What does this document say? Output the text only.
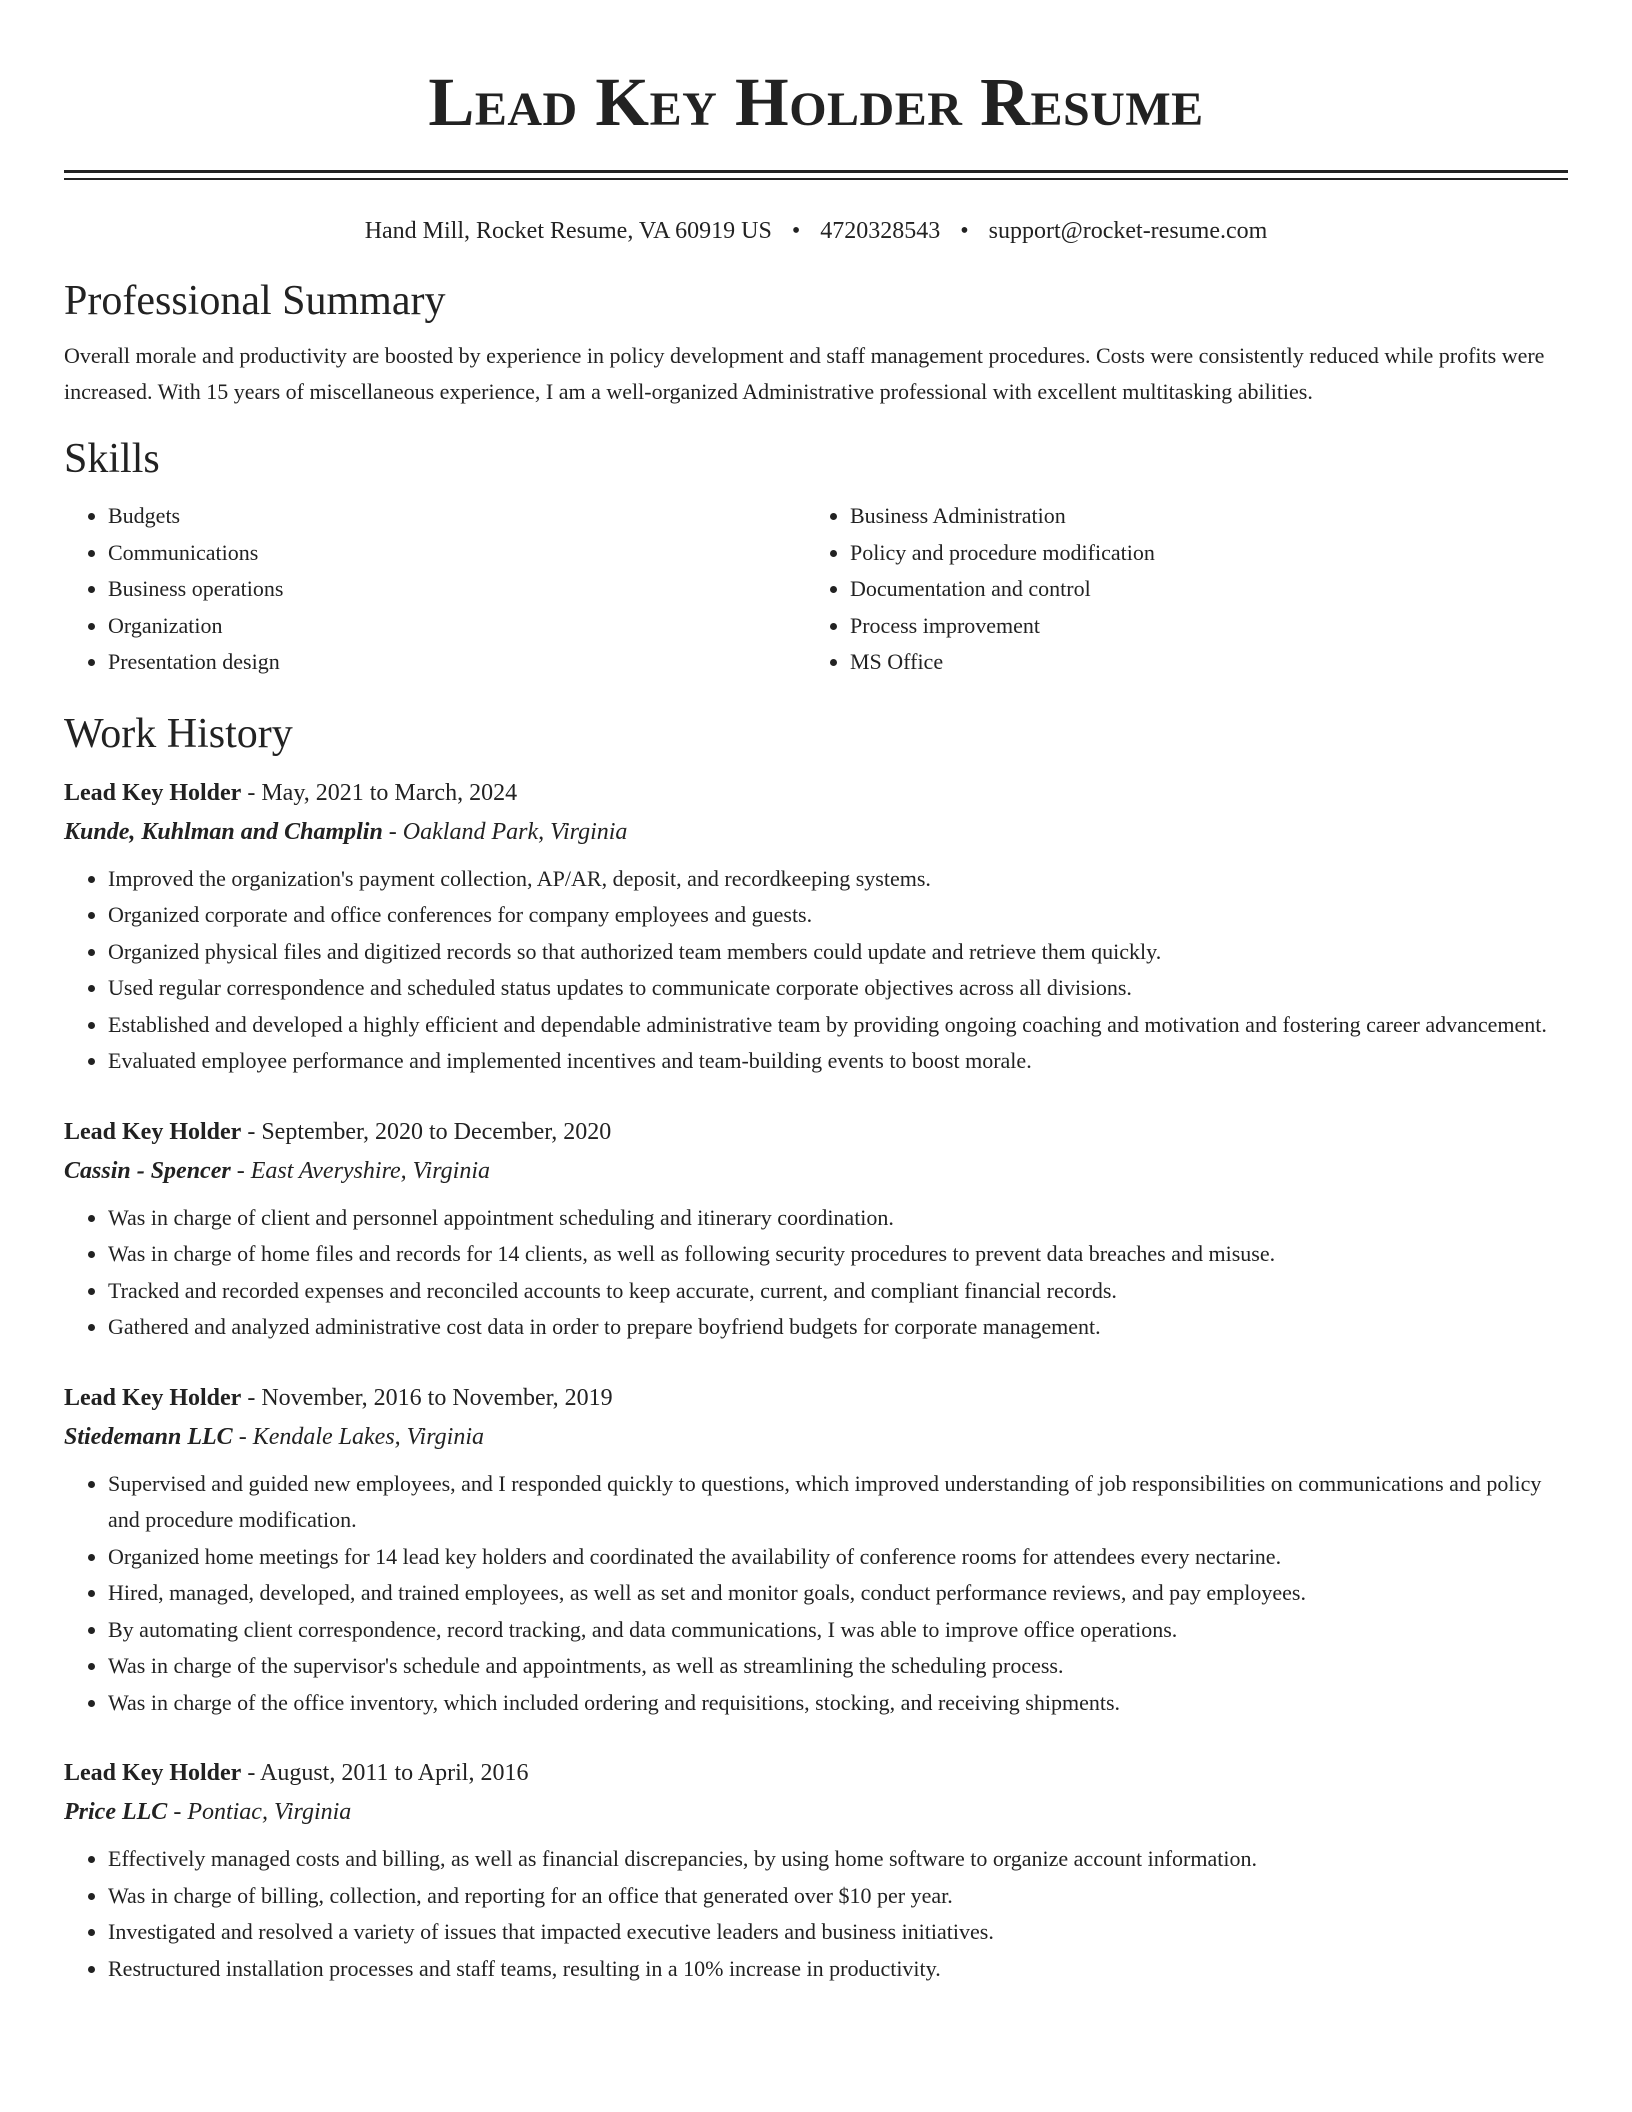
Lead Key Holder Resume
Hand Mill, Rocket Resume, VA 60919 US • 4720328543 • support@rocket-resume.com
Professional Summary
Overall morale and productivity are boosted by experience in policy development and staff management procedures. Costs were consistently reduced while profits were increased. With 15 years of miscellaneous experience, I am a well-organized Administrative professional with excellent multitasking abilities.
Skills
• Budgets
• Communications
• Business operations
• Organization
• Presentation design
• Business Administration
• Policy and procedure modification
• Documentation and control
• Process improvement
• MS Office
Work History
Lead Key Holder - May, 2021 to March, 2024
Kunde, Kuhlman and Champlin - Oakland Park, Virginia
• Improved the organization's payment collection, AP/AR, deposit, and recordkeeping systems.
• Organized corporate and office conferences for company employees and guests.
• Organized physical files and digitized records so that authorized team members could update and retrieve them quickly.
• Used regular correspondence and scheduled status updates to communicate corporate objectives across all divisions.
• Established and developed a highly efficient and dependable administrative team by providing ongoing coaching and motivation and fostering career advancement.
• Evaluated employee performance and implemented incentives and team-building events to boost morale.
Lead Key Holder - September, 2020 to December, 2020
Cassin - Spencer - East Averyshire, Virginia
• Was in charge of client and personnel appointment scheduling and itinerary coordination.
• Was in charge of home files and records for 14 clients, as well as following security procedures to prevent data breaches and misuse.
• Tracked and recorded expenses and reconciled accounts to keep accurate, current, and compliant financial records.
• Gathered and analyzed administrative cost data in order to prepare boyfriend budgets for corporate management.
Lead Key Holder - November, 2016 to November, 2019
Stiedemann LLC - Kendale Lakes, Virginia
• Supervised and guided new employees, and I responded quickly to questions, which improved understanding of job responsibilities on communications and policy and procedure modification.
• Organized home meetings for 14 lead key holders and coordinated the availability of conference rooms for attendees every nectarine.
• Hired, managed, developed, and trained employees, as well as set and monitor goals, conduct performance reviews, and pay employees.
• By automating client correspondence, record tracking, and data communications, I was able to improve office operations.
• Was in charge of the supervisor's schedule and appointments, as well as streamlining the scheduling process.
• Was in charge of the office inventory, which included ordering and requisitions, stocking, and receiving shipments.
Lead Key Holder - August, 2011 to April, 2016
Price LLC - Pontiac, Virginia
• Effectively managed costs and billing, as well as financial discrepancies, by using home software to organize account information.
• Was in charge of billing, collection, and reporting for an office that generated over $10 per year.
• Investigated and resolved a variety of issues that impacted executive leaders and business initiatives.
• Restructured installation processes and staff teams, resulting in a 10% increase in productivity.
